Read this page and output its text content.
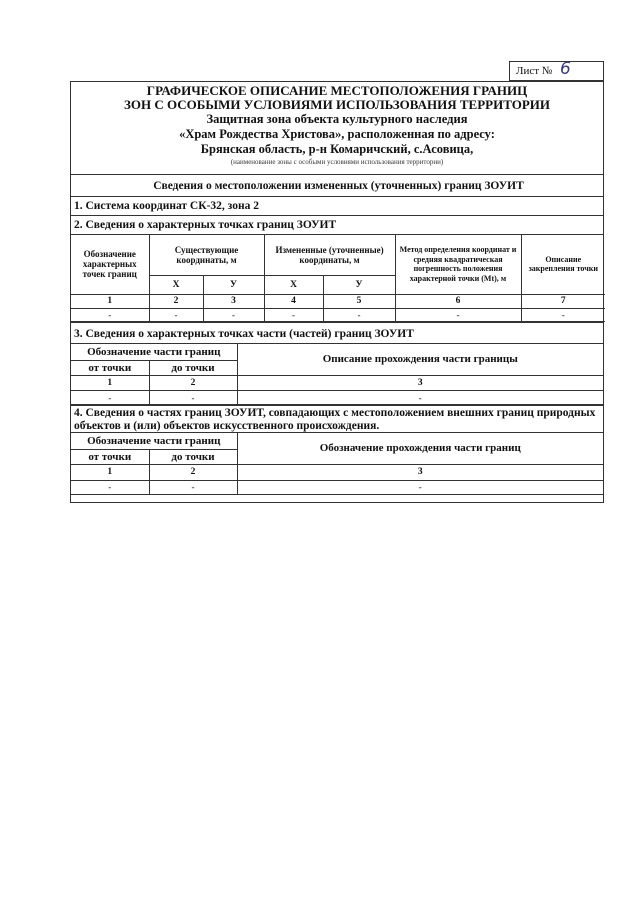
Лист № 6
ГРАФИЧЕСКОЕ ОПИСАНИЕ МЕСТОПОЛОЖЕНИЯ ГРАНИЦ
ЗОН С ОСОБЫМИ УСЛОВИЯМИ ИСПОЛЬЗОВАНИЯ ТЕРРИТОРИИ
Защитная зона объекта культурного наследия
«Храм Рождества Христова», расположенная по адресу:
Брянская область, р-н Комаричский, с.Асовица,
(наименование зоны с особыми условиями использования территории)
Сведения о местоположении измененных (уточненных) границ ЗОУИТ
1. Система координат СК-32, зона 2
2. Сведения о характерных точках границ ЗОУИТ
Обозначение характерных точек границ	Существующие координаты, м		Измененные (уточненные) координаты, м		Метод определения координат и средняя квадратическая погрешность положения характерной точки (Mt), м	Описание закрепления точки
	X	У	X	У		
1	2	3	4	5	6	7
-	-	-	-	-	-	-
3. Сведения о характерных точках части (частей) границ ЗОУИТ
Обозначение части границ		Описание прохождения части границы
от точки	до точки	
1	2	3
-	-	-
4. Сведения о частях границ ЗОУИТ, совпадающих с местоположением внешних границ природных объектов и (или) объектов искусственного происхождения.
Обозначение части границ		Обозначение прохождения части границ
от точки	до точки	
1	2	3
-	-	-
